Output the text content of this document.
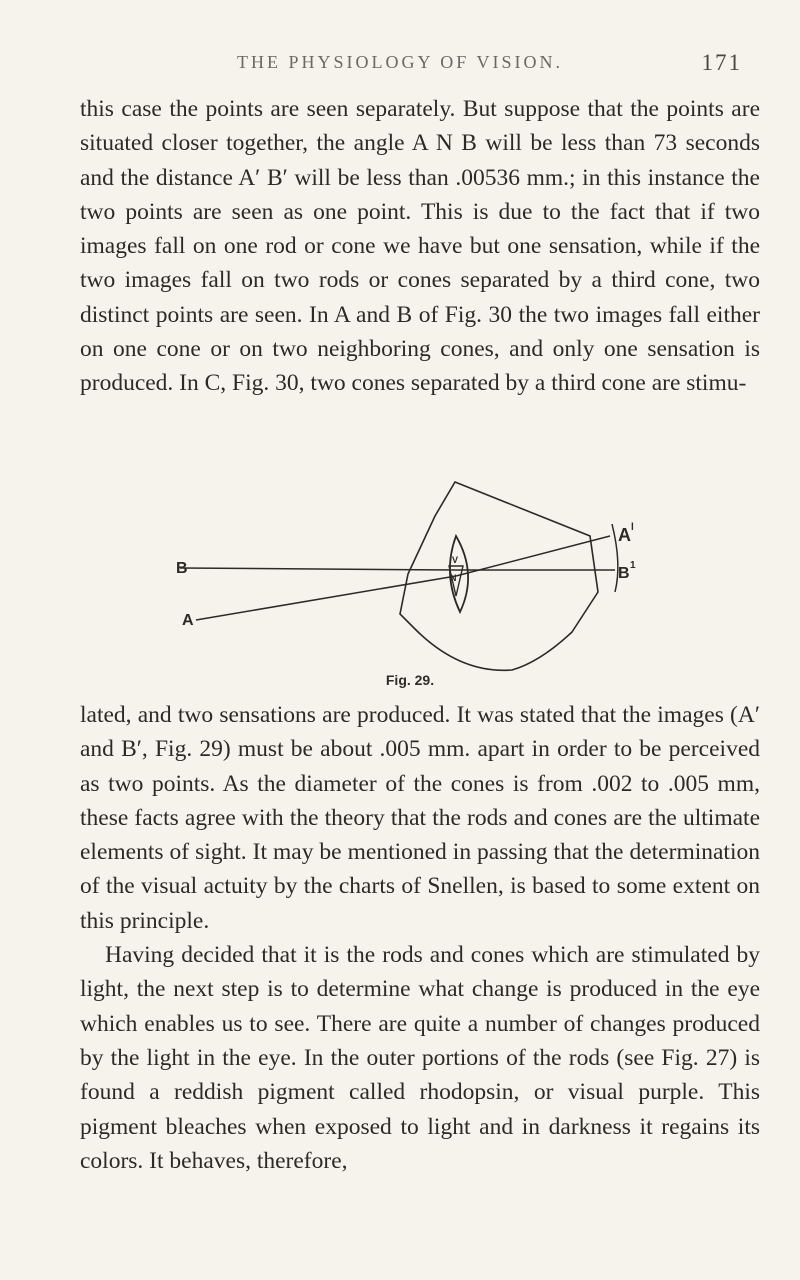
THE PHYSIOLOGY OF VISION.	171

this case the points are seen separately. But suppose that the points are situated closer together, the angle A N B will be less than 73 seconds and the distance A′ B′ will be less than .00536 mm.; in this instance the two points are seen as one point. This is due to the fact that if two images fall on one rod or cone we have but one sensation, while if the two images fall on two rods or cones separated by a third cone, two distinct points are seen. In A and B of Fig. 30 the two images fall either on one cone or on two neighboring cones, and only one sensation is produced. In C, Fig. 30, two cones separated by a third cone are stimu-

B
A
A l
B 1
V
N
Fig. 29.

lated, and two sensations are produced. It was stated that the images (A′ and B′, Fig. 29) must be about .005 mm. apart in order to be perceived as two points. As the diameter of the cones is from .002 to .005 mm, these facts agree with the theory that the rods and cones are the ultimate elements of sight. It may be mentioned in passing that the determination of the visual actuity by the charts of Snellen, is based to some extent on this principle.

Having decided that it is the rods and cones which are stimulated by light, the next step is to determine what change is produced in the eye which enables us to see. There are quite a number of changes produced by the light in the eye. In the outer portions of the rods (see Fig. 27) is found a reddish pigment called rhodopsin, or visual purple. This pigment bleaches when exposed to light and in darkness it regains its colors. It behaves, therefore,
